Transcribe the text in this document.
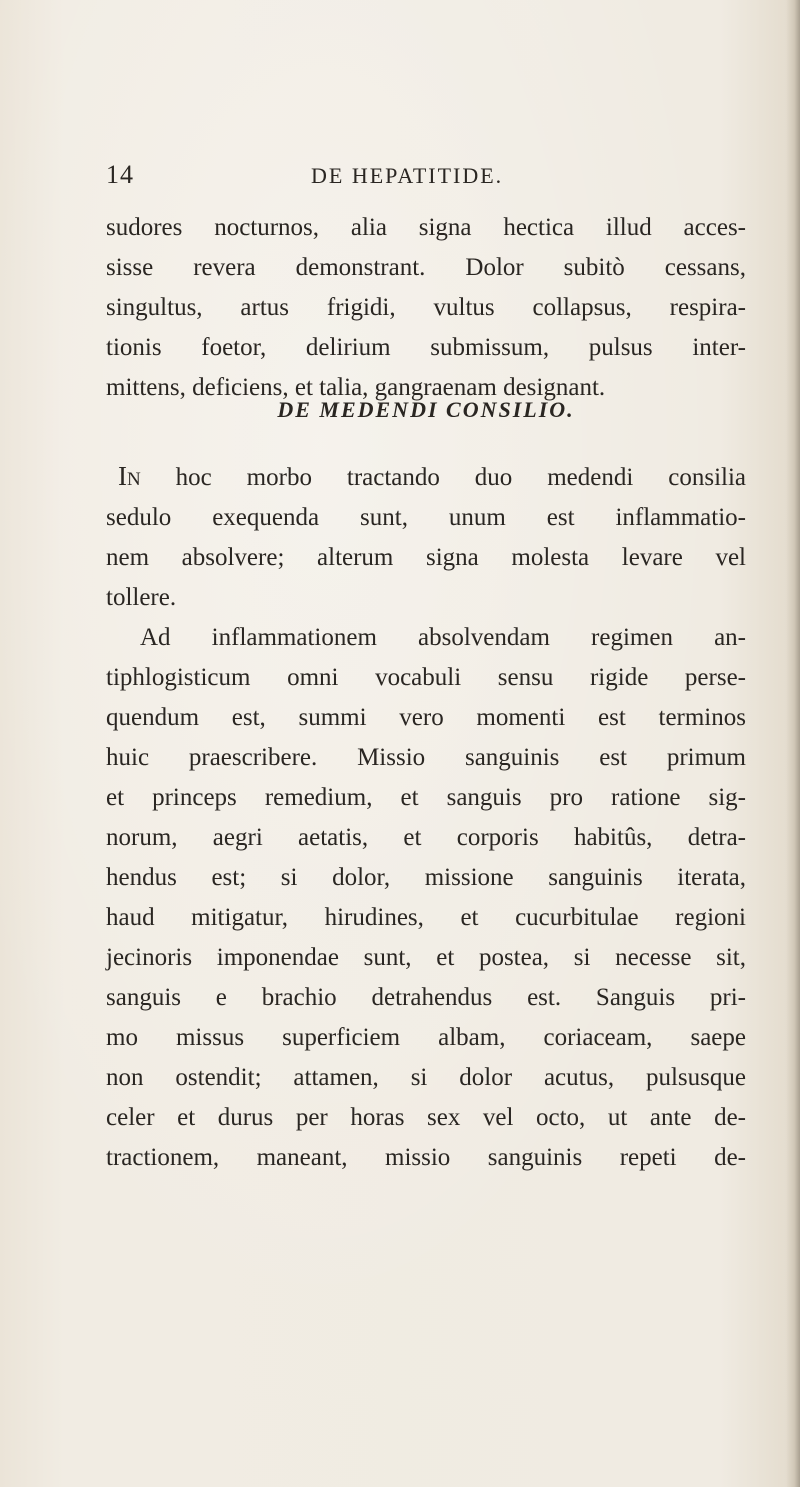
14	DE HEPATITIDE.
sudores nocturnos, alia signa hectica illud acces-
sisse revera demonstrant. Dolor subitò cessans,
singultus, artus frigidi, vultus collapsus, respira-
tionis foetor, delirium submissum, pulsus inter-
mittens, deficiens, et talia, gangraenam designant.
DE MEDENDI CONSILIO.
In hoc morbo tractando duo medendi consilia
sedulo exequenda sunt, unum est inflammatio-
nem absolvere; alterum signa molesta levare vel
tollere.
Ad inflammationem absolvendam regimen an-
tiphlogisticum omni vocabuli sensu rigide perse-
quendum est, summi vero momenti est terminos
huic praescribere. Missio sanguinis est primum
et princeps remedium, et sanguis pro ratione sig-
norum, aegri aetatis, et corporis habitûs, detra-
hendus est; si dolor, missione sanguinis iterata,
haud mitigatur, hirudines, et cucurbitulae regioni
jecinoris imponendae sunt, et postea, si necesse sit,
sanguis e brachio detrahendus est. Sanguis pri-
mo missus superficiem albam, coriaceam, saepe
non ostendit; attamen, si dolor acutus, pulsusque
celer et durus per horas sex vel octo, ut ante de-
tractionem, maneant, missio sanguinis repeti de-
